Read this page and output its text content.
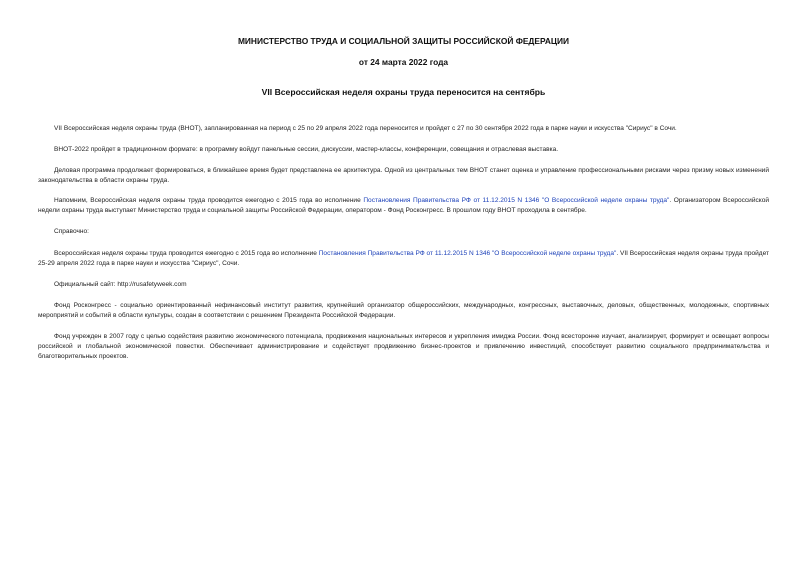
МИНИСТЕРСТВО ТРУДА И СОЦИАЛЬНОЙ ЗАЩИТЫ РОССИЙСКОЙ ФЕДЕРАЦИИ
от 24 марта 2022 года
VII Всероссийская неделя охраны труда переносится на сентябрь
VII Всероссийская неделя охраны труда (ВНОТ), запланированная на период с 25 по 29 апреля 2022 года переносится и пройдет с 27 по 30 сентября 2022 года в парке науки и искусства "Сириус" в Сочи.
ВНОТ-2022 пройдет в традиционном формате: в программу войдут панельные сессии, дискуссии, мастер-классы, конференции, совещания и отраслевая выставка.
Деловая программа продолжает формироваться, в ближайшее время будет представлена ее архитектура. Одной из центральных тем ВНОТ станет оценка и управление профессиональными рисками через призму новых изменений законодательства в области охраны труда.
Напомним, Всероссийская неделя охраны труда проводится ежегодно с 2015 года во исполнение Постановления Правительства РФ от 11.12.2015 N 1346 "О Всероссийской неделе охраны труда". Организатором Всероссийской недели охраны труда выступает Министерство труда и социальной защиты Российской Федерации, оператором - Фонд Росконгресс. В прошлом году ВНОТ проходила в сентябре.
Справочно:
Всероссийская неделя охраны труда проводится ежегодно с 2015 года во исполнение Постановления Правительства РФ от 11.12.2015 N 1346 "О Всероссийской неделе охраны труда". VII Всероссийская неделя охраны труда пройдет 25-29 апреля 2022 года в парке науки и искусства "Сириус", Сочи.
Официальный сайт: http://rusafetyweek.com
Фонд Росконгресс - социально ориентированный нефинансовый институт развития, крупнейший организатор общероссийских, международных, конгрессных, выставочных, деловых, общественных, молодежных, спортивных мероприятий и событий в области культуры, создан в соответствии с решением Президента Российской Федерации.
Фонд учрежден в 2007 году с целью содействия развитию экономического потенциала, продвижения национальных интересов и укрепления имиджа России. Фонд всесторонне изучает, анализирует, формирует и освещает вопросы российской и глобальной экономической повестки. Обеспечивает администрирование и содействует продвижению бизнес-проектов и привлечению инвестиций, способствует развитию социального предпринимательства и благотворительных проектов.
